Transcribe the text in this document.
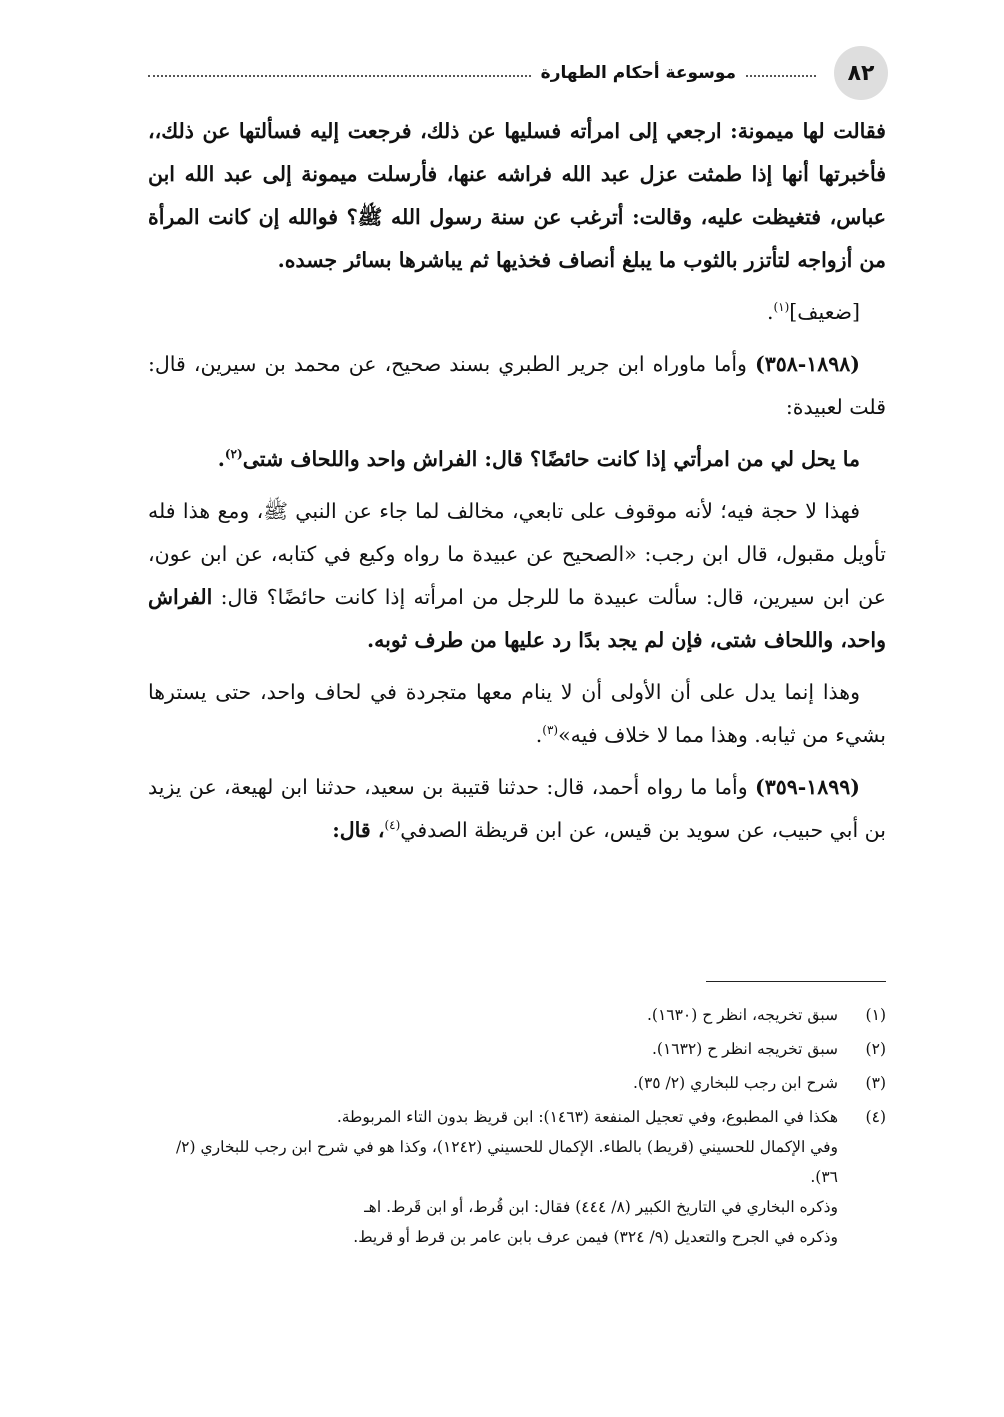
٨٢
موسوعة أحكام الطهارة

فقالت لها ميمونة: ارجعي إلى امرأته فسليها عن ذلك، فرجعت إليه فسألتها عن ذلك،، فأخبرتها أنها إذا طمثت عزل عبد الله فراشه عنها، فأرسلت ميمونة إلى عبد الله ابن عباس، فتغيظت عليه، وقالت: أترغب عن سنة رسول الله ﷺ؟ فوالله إن كانت المرأة من أزواجه لتأتزر بالثوب ما يبلغ أنصاف فخذيها ثم يباشرها بسائر جسده.

[ضعيف]$^{(١)}$.

(١٨٩٨-٣٥٨) وأما ماوراه ابن جرير الطبري بسند صحيح، عن محمد بن سيرين، قال: قلت لعبيدة:

ما يحل لي من امرأتي إذا كانت حائضًا؟ قال: الفراش واحد واللحاف شتى$^{(٢)}$.

فهذا لا حجة فيه؛ لأنه موقوف على تابعي، مخالف لما جاء عن النبي ﷺ، ومع هذا فله تأويل مقبول، قال ابن رجب: «الصحيح عن عبيدة ما رواه وكيع في كتابه، عن ابن عون، عن ابن سيرين، قال: سألت عبيدة ما للرجل من امرأته إذا كانت حائضًا؟ قال: الفراش واحد، واللحاف شتى، فإن لم يجد بدًا رد عليها من طرف ثوبه.

وهذا إنما يدل على أن الأولى أن لا ينام معها متجردة في لحاف واحد، حتى يسترها بشيء من ثيابه. وهذا مما لا خلاف فيه»$^{(٣)}$.

(١٨٩٩-٣٥٩) وأما ما رواه أحمد، قال: حدثنا قتيبة بن سعيد، حدثنا ابن لهيعة، عن يزيد بن أبي حبيب، عن سويد بن قيس، عن ابن قريظة الصدفي$^{(٤)}$، قال:

(١)
سبق تخريجه، انظر ح (١٦٣٠).
(٢)
سبق تخريجه انظر ح (١٦٣٢).
(٣)
شرح ابن رجب للبخاري (٢/ ٣٥).
(٤)
هكذا في المطبوع، وفي تعجيل المنفعة (١٤٦٣): ابن قريظ بدون التاء المربوطة.
وفي الإكمال للحسيني (قريط) بالطاء. الإكمال للحسيني (١٢٤٢)، وكذا هو في شرح ابن رجب للبخاري (٢/ ٣٦).
وذكره البخاري في التاريخ الكبير (٨/ ٤٤٤) فقال: ابن قُرط، أو ابن قَرط. اهـ
وذكره في الجرح والتعديل (٩/ ٣٢٤) فيمن عرف بابن عامر بن قرط أو قريط.
